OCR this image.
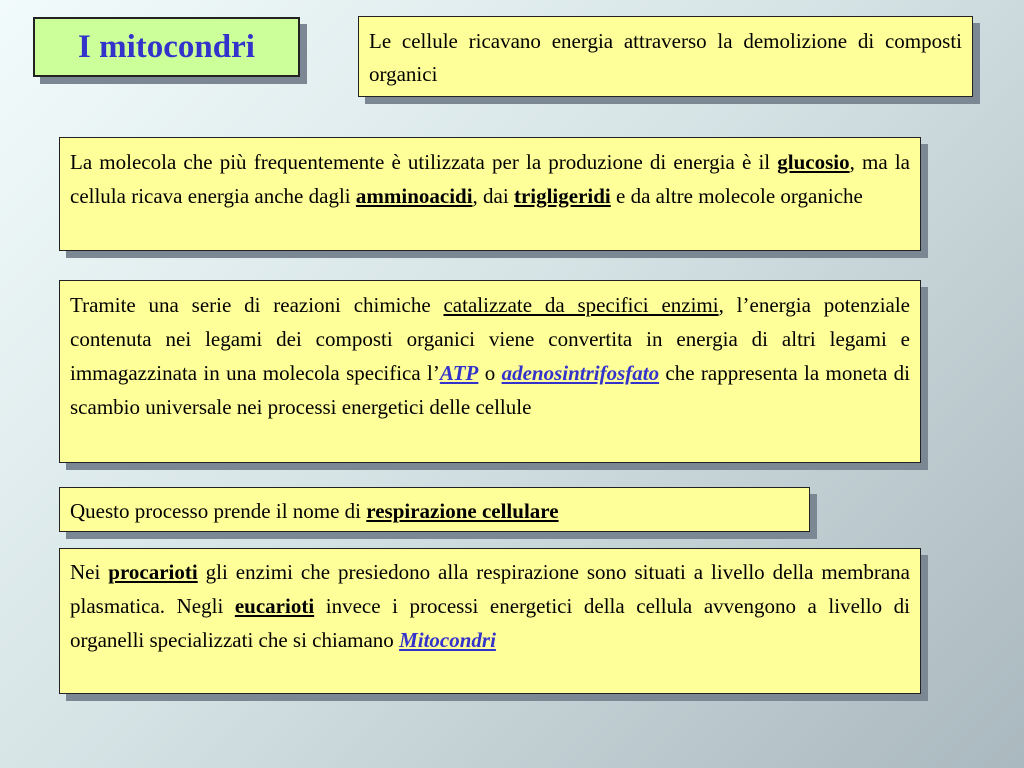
I mitocondri	Le cellule ricavano energia attraverso la demolizione di composti organici
La molecola che più frequentemente è utilizzata per la produzione di energia è il glucosio, ma la cellula ricava energia anche dagli amminoacidi, dai trigligeridi e da altre molecole organiche
Tramite una serie di reazioni chimiche catalizzate da specifici enzimi, l’energia potenziale contenuta nei legami dei composti organici viene convertita in energia di altri legami e immagazzinata in una molecola specifica l’ATP o adenosintrifosfato che rappresenta la moneta di scambio universale nei processi energetici delle cellule
Questo processo prende il nome di respirazione cellulare
Nei procarioti gli enzimi che presiedono alla respirazione sono situati a livello della membrana plasmatica. Negli eucarioti invece i processi energetici della cellula avvengono a livello di organelli specializzati che si chiamano Mitocondri
